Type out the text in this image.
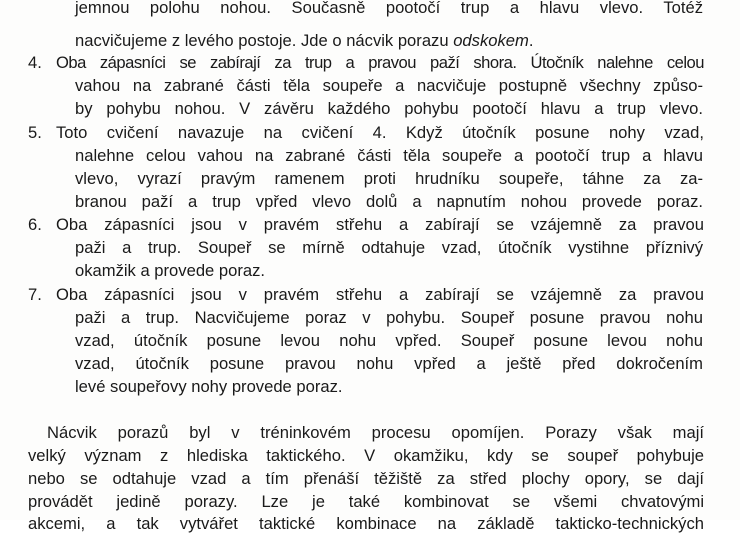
jemnou polohu nohou. Současně pootočí trup a hlavu vlevo. Totéž
nacvičujeme z levého postoje. Jde o nácvik porazu odskokem.
4. Oba zápasníci se zabírají za trup a pravou paží shora. Útočník nalehne celou
vahou na zabrané části těla soupeře a nacvičuje postupně všechny způso-
by pohybu nohou. V závěru každého pohybu pootočí hlavu a trup vlevo.
5. Toto cvičení navazuje na cvičení 4. Když útočník posune nohy vzad,
nalehne celou vahou na zabrané části těla soupeře a pootočí trup a hlavu
vlevo, vyrazí pravým ramenem proti hrudníku soupeře, táhne za za-
branou paží a trup vpřed vlevo dolů a napnutím nohou provede poraz.
6. Oba zápasníci jsou v pravém střehu a zabírají se vzájemně za pravou
paži a trup. Soupeř se mírně odtahuje vzad, útočník vystihne příznivý
okamžik a provede poraz.
7. Oba zápasníci jsou v pravém střehu a zabírají se vzájemně za pravou
paži a trup. Nacvičujeme poraz v pohybu. Soupeř posune pravou nohu
vzad, útočník posune levou nohu vpřed. Soupeř posune levou nohu
vzad, útočník posune pravou nohu vpřed a ještě před dokročením
levé soupeřovy nohy provede poraz.
Nácvik porazů byl v tréninkovém procesu opomíjen. Porazy však mají
velký význam z hlediska taktického. V okamžiku, kdy se soupeř pohybuje
nebo se odtahuje vzad a tím přenáší těžiště za střed plochy opory, se dají
provádět jedině porazy. Lze je také kombinovat se všemi chvatovými
akcemi, a tak vytvářet taktické kombinace na základě takticko-technických
